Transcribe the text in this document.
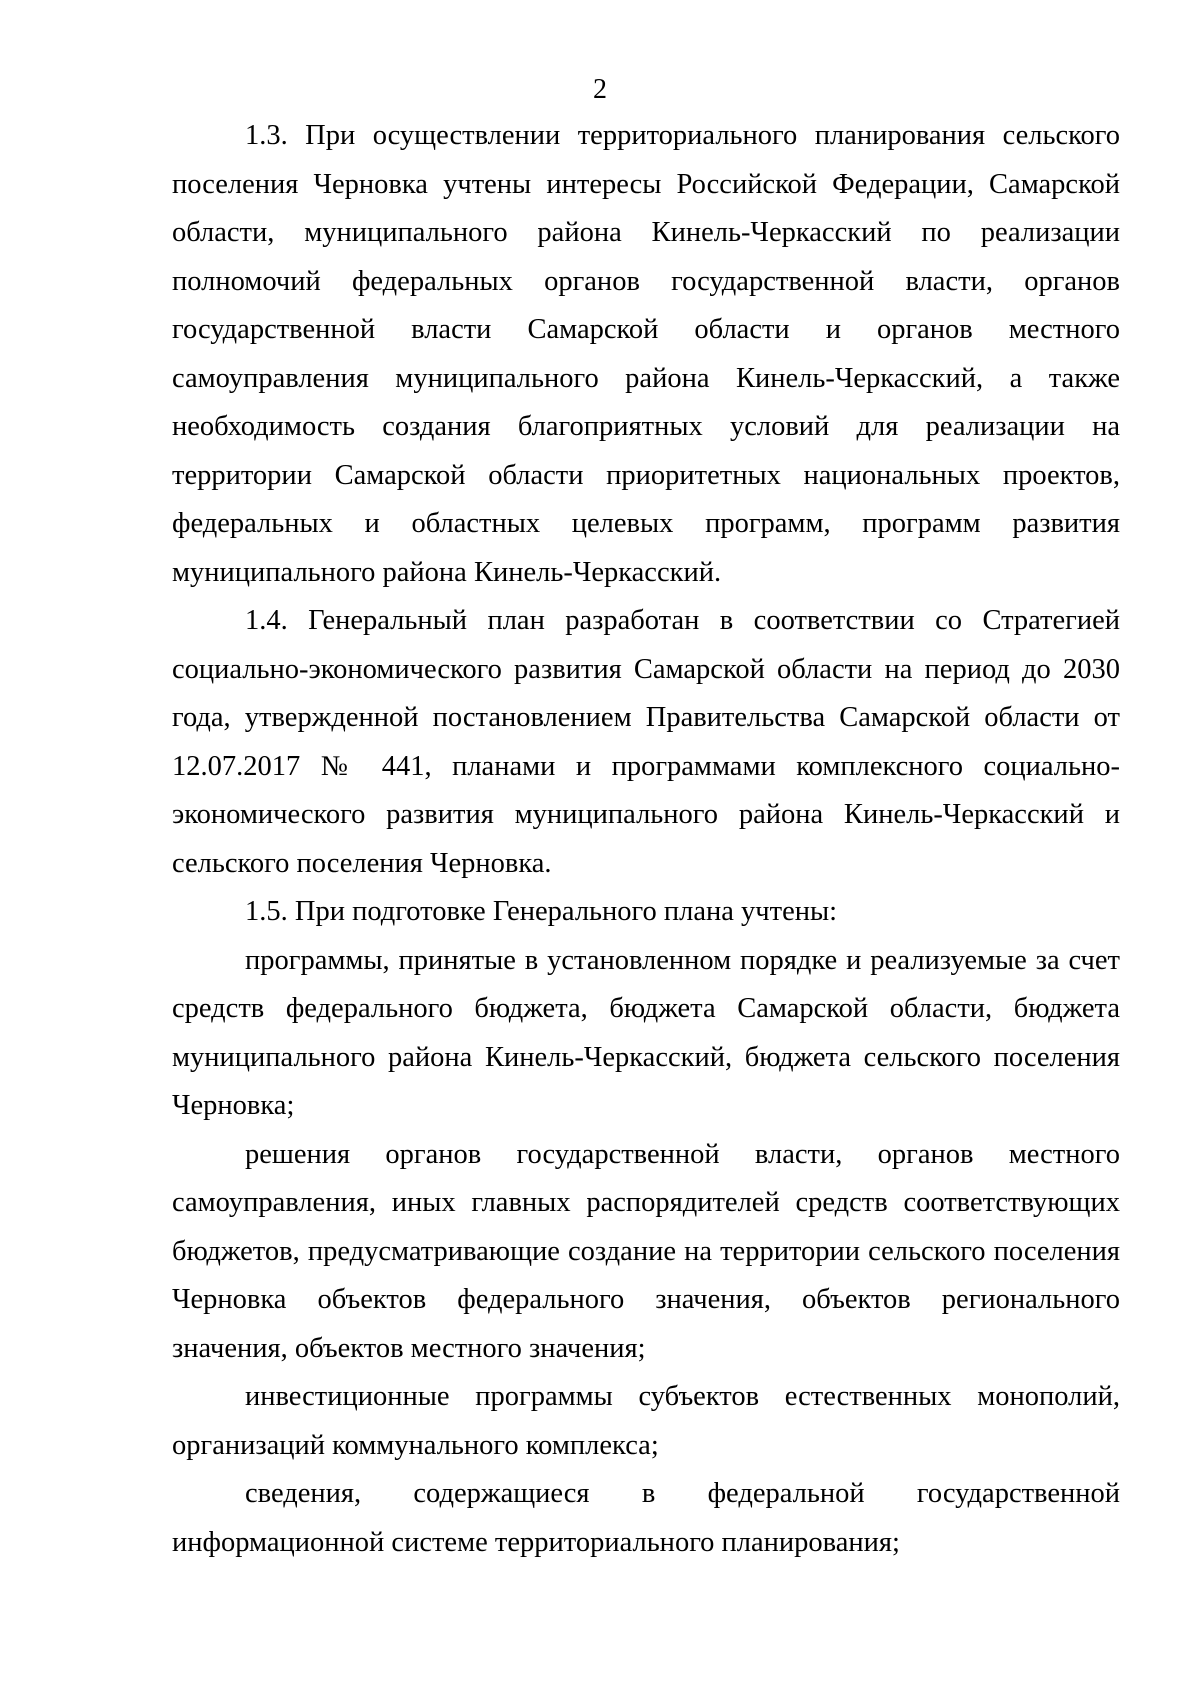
2

1.3. При осуществлении территориального планирования сельского поселения Черновка учтены интересы Российской Федерации, Самарской области, муниципального района Кинель-Черкасский по реализации полномочий федеральных органов государственной власти, органов государственной власти Самарской области и органов местного самоуправления муниципального района Кинель-Черкасский, а также необходимость создания благоприятных условий для реализации на территории Самарской области приоритетных национальных проектов, федеральных и областных целевых программ, программ развития муниципального района Кинель-Черкасский.

1.4. Генеральный план разработан в соответствии со Стратегией социально-экономического развития Самарской области на период до 2030 года, утвержденной постановлением Правительства Самарской области от 12.07.2017 № 441, планами и программами комплексного социально-экономического развития муниципального района Кинель-Черкасский и сельского поселения Черновка.

1.5. При подготовке Генерального плана учтены:

программы, принятые в установленном порядке и реализуемые за счет средств федерального бюджета, бюджета Самарской области, бюджета муниципального района Кинель-Черкасский, бюджета сельского поселения Черновка;

решения органов государственной власти, органов местного самоуправления, иных главных распорядителей средств соответствующих бюджетов, предусматривающие создание на территории сельского поселения Черновка объектов федерального значения, объектов регионального значения, объектов местного значения;

инвестиционные программы субъектов естественных монополий, организаций коммунального комплекса;

сведения, содержащиеся в федеральной государственной информационной системе территориального планирования;
